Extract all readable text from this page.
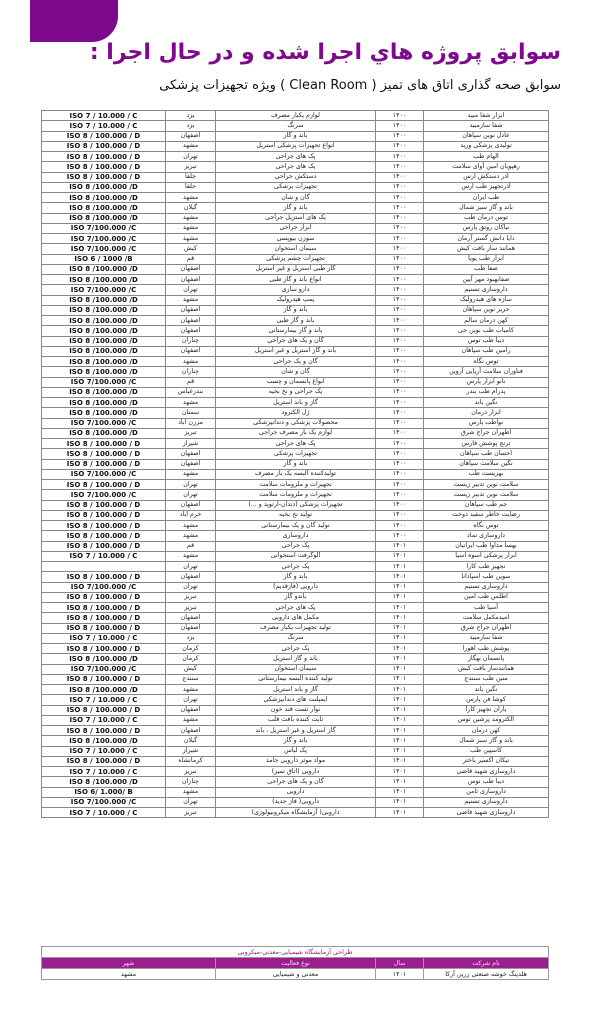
سوابق پروژه هاي اجرا شده و در حال اجرا :
سوابق صحه گذاری اتاق های تمیز ( Clean Room ) ویژه تجهیزات پزشکی
ابزار شفا مبید	۱۴۰۰	لوازم یکبار مصرف	یزد	ISO 7 / 10.000 / C
شفا سازمبید	۱۴۰۰	سرنگ	یزد	ISO 7 / 10.000 / C
عادل نوین سپاهان	۱۴۰۰	باند و گاز	اصفهان	ISO 8 / 100.000 / D
تولیدی پزشکی ورید	۱۴۰۰	انواع تجهیزات پزشکی استریل	مشهد	ISO 8 / 100.000 / D
الهام طب	۱۴۰۰	پک های جراحی	تهران	ISO 8 / 100.000 / D
رهپویان امین آوای سلامت	۱۴۰۰	پک های جراحی	تبریز	ISO 8 / 100.000 / D
آذر دستکش ارس	۱۴۰۰	دستکش جراحی	جلفا	ISO 8 / 100.000 / D
آذرتجهیز طب ارس	۱۴۰۰	تجهیزات پزشکی	جلفا	ISO 8 /100.000 /D
طب ایران	۱۴۰۰	گان و شان	مشهد	ISO 8 /100.000 /D
باند و گاز سبز شمال	۱۴۰۰	باند و گاز	گیلان	ISO 8 /100.000 /D
توس درمان طب	۱۴۰۰	پک های استریل جراحی	مشهد	ISO 8 /100.000 /D
نیاکان رونق پارس	۱۴۰۰	ابزار جراحی	مشهد	ISO 7/100.000 /C
دایا دانش گستر آرمان	۱۴۰۰	سوزن بیوپسی	مشهد	ISO 7/100.000 /C
همانند ساز بافت کیش	۱۴۰۰	سیمان استخوان	کیش	ISO 7/100.000 /C
ابزار طب پویا	۱۴۰۰	تجهیزات چشم پزشکی	قم	ISO 6 / 1000 /B
صفا طب	۱۴۰۰	گاز طبی استریل و غیر استریل	اصفهان	ISO 8 /100.000 /D
صفابهبود مهر آیین	۱۴۰۰	انواع باند و گاز طبی	اصفهان	ISO 8 /100.000 /D
داروسازی تسنیم	۱۴۰۰	دارو سازی	تهران	ISO 7/100.000 /C
سازه های هیدرولیک	۱۴۰۰	پمپ هیدرولیک	مشهد	ISO 8 /100.000 /D
حریر نوین سپاهان	۱۴۰۰	باند و گاز	اصفهان	ISO 8 /100.000 /D
کهن درمان سالم	۱۴۰۰	باند و گاز طبی	اصفهان	ISO 8 /100.000 /D
کامیاب طب نوین جی	۱۴۰۰	باند و گاز بیمارستانی	اصفهان	ISO 8 /100.000 /D
دیبا طب توس	۱۴۰۰	گان و پک های جراحی	چناران	ISO 8 /100.000 /D
رامین طب سپاهان	۱۴۰۰	باند و گاز استریل و غیر استریل	اصفهان	ISO 8 /100.000 /D
توس نگاه	۱۴۰۰	گان و پک جراحی	مشهد	ISO 8 /100.000 /D
فناوران سلامت آریایی آروین	۱۴۰۰	گان و شان	چناران	ISO 8 /100.000 /D
نانو ابزار پارس	۱۴۰۰	انواع پانسمان و چسب	قم	ISO 7/100.000 /C
پدرام طب بندر	۱۴۰۰	پک جراحی و نخ بخیه	بندرعباس	ISO 8 /100.000 /D
نگین باند	۱۴۰۰	گاز و باند استریل	مشهد	ISO 8 /100.000 /D
ابزار درمان	۱۴۰۰	ژل الکترود	سمنان	ISO 8 /100.000 /D
نواطب پارس	۱۴۰۰	محصولات پزشکی و دندانپزشکی	مرزن آباد	ISO 7/100.000 /C
اطهران جراح شرق	۱۴۰۰	لوازم یک بار مصرف جراحی	تبریز	ISO 8 /100.000 /D
ترنج پوشش فارس	۱۴۰۰	پک های جراحی	شیراز	ISO 8 / 100.000 / D
احسان طب سپاهان	۱۴۰۰	تجهیزات پزشکی	اصفهان	ISO 8 / 100.000 / D
نگین سلامت سپاهان	۱۴۰۰	باند و گاز	اصفهان	ISO 8 / 100.000 / D
بهزیست طب	۱۴۰۰	تولیدکننده البسه یک بار مصرف	مشهد	ISO 7/100.000 /C
سلامت نوین تدبیر زیست	۱۴۰۰	تجهیزات و ملزومات سلامت	تهران	ISO 8 / 100.000 / D
سلامت نوین تدبیر زیست	۱۴۰۰	تجهیزات و ملزومات سلامت	تهران	ISO 7/100.000 /C
جم طب سپاهان	۱۴۰۰	تجهیزات پزشکی (دندان-ارتوپد و ...)	اصفهان	ISO 8 / 100.000 / D
رضایت خاطر سفید دوخت	۱۴۰۰	تولید نخ بخیه	خرم آباد	ISO 8 / 100.000 / D
توس نگاه	۱۴۰۰	تولید گان و پک بیمارستانی	مشهد	ISO 8 / 100.000 / D
داروسازی تماد	۱۴۰۰	داروسازی	مشهد	ISO 8 / 100.000 / D
بهسا مداوا طب ایرانیان	۱۴۰۱	پک جراحی	قم	ISO 8 / 100.000 / D
ابزار پزشکی اسوه آسیا	۱۴۰۱	الوگرفت استخوانی	مشهد	ISO 7 / 10.000 / C
تجهیز طب کارا	۱۴۰۱	پک جراحی	تهران	
سوین طب اسپادانا	۱۴۰۱	باند و گاز	اصفهان	ISO 8 / 100.000 / D
داروسازی تسنیم	۱۴۰۱	دارویی (فازقدیم)	تهران	ISO 7/100.000 /C
اطلس طب امین	۱۴۰۱	باندو گاز	تبریز	ISO 8 / 100.000 / D
آسیا طب	۱۴۰۱	پک های جراحی	تبریز	ISO 8 / 100.000 / D
امیدمکمل سلامت	۱۴۰۱	مکمل های دارویی	اصفهان	ISO 8 / 100.000 / D
اطهران جراح شرق	۱۴۰۱	تولید تجهیزات یکبار مصرف	اصفهان	ISO 8 / 100.000 / D
شفا سازمبید	۱۴۰۱	سرنگ	یزد	ISO 7 / 10.000 / C
پوشش طب اهورا	۱۴۰۱	پک جراحی	کرمان	ISO 8 / 100.000 / D
پانسمان بهگاز	۱۴۰۱	باند و گاز استریل	کرمان	ISO 8 /100.000 /D
همانندساز بافت کیش	۱۴۰۱	سیمان استخوان	کیش	ISO 7/100.000 /C
متین طب سنندج	۱۴۰۱	تولید کننده البسه بیمارستانی	سنندج	ISO 8 / 100.000 / D
نگین باند	۱۴۰۱	گاز و باند استریل	مشهد	ISO 8 /100.000 /D
کوشا فن پارس	۱۴۰۱	ایمپلنت های دندانپزشکی	تهران	ISO 7 / 10.000 / C
یاران تجهیز کارا	۱۴۰۱	نوار تست قند خون	اصفهان	ISO 8 / 100.000 / D
الکترومد پرشین توس	۱۴۰۱	ثابت کننده بافت قلب	مشهد	ISO 7 / 10.000 / C
کهن درمان	۱۴۰۱	گاز استریل و غیر استریل ، باند	اصفهان	ISO 8 / 100.000 / D
باند و گاز سبز شمال	۱۴۰۱	باند و گاز	گیلان	ISO 8 /100.000 /D
کاسپین طب	۱۴۰۱	پک لباس	شیراز	ISO 7 / 10.000 / C
نیکان اکسیر باختر	۱۴۰۱	مواد موثر دارویی جامد	کرمانشاه	ISO 8 / 100.000 / D
داروسازی شهید قاضی	۱۴۰۱	دارویی (اتاق تمیز)	تبریز	ISO 7 / 10.000 / C
دیبا طب توس	۱۴۰۱	گان و پک های جراحی	چناران	ISO 8 /100.000 /D
داروسازی ثامن	۱۴۰۱	دارویی	مشهد	ISO 6/ 1.000/ B
داروسازی تسنیم	۱۴۰۱	دارویی( فاز جدید)	تهران	ISO 7/100.000 /C
داروسازی شهید قاضی	۱۴۰۱	دارویی( آزمایشگاه میکروبیولوژی)	تبریز	ISO 7 / 10.000 / C
طراحی آزمایشگاه شیمیایی-معدنی-میکروبی			
نام شرکت	سال	نوع فعالیت	شهر
هلدینگ خوشه صنعتی زرین آرکا	۱۴۰۱	معدنی و شیمیایی	مشهد
